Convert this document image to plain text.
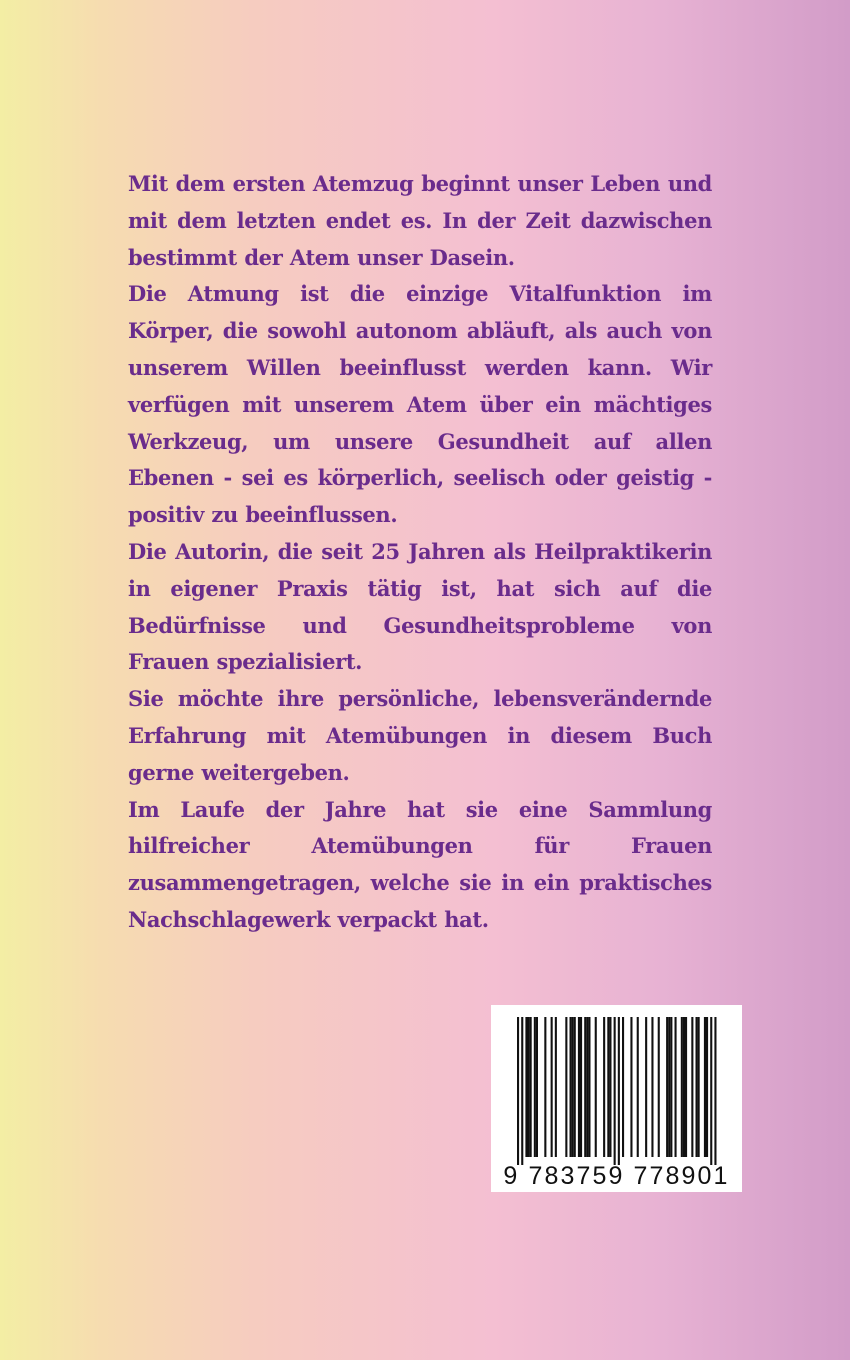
Mit dem ersten Atemzug beginnt unser Leben und mit dem letzten endet es. In der Zeit dazwischen bestimmt der Atem unser Dasein.

Die Atmung ist die einzige Vitalfunktion im Körper, die sowohl autonom abläuft, als auch von unserem Willen beeinflusst werden kann. Wir verfügen mit unserem Atem über ein mächtiges Werkzeug, um unsere Gesundheit auf allen Ebenen - sei es körperlich, seelisch oder geistig - positiv zu beeinflussen.

Die Autorin, die seit 25 Jahren als Heilpraktikerin in eigener Praxis tätig ist, hat sich auf die Bedürfnisse und Gesundheitsprobleme von Frauen spezialisiert.

Sie möchte ihre persönliche, lebensverändernde Erfahrung mit Atemübungen in diesem Buch gerne weitergeben.

Im Laufe der Jahre hat sie eine Sammlung hilfreicher Atemübungen für Frauen zusammengetragen, welche sie in ein praktisches Nachschlagewerk verpackt hat.

9 783759 778901
